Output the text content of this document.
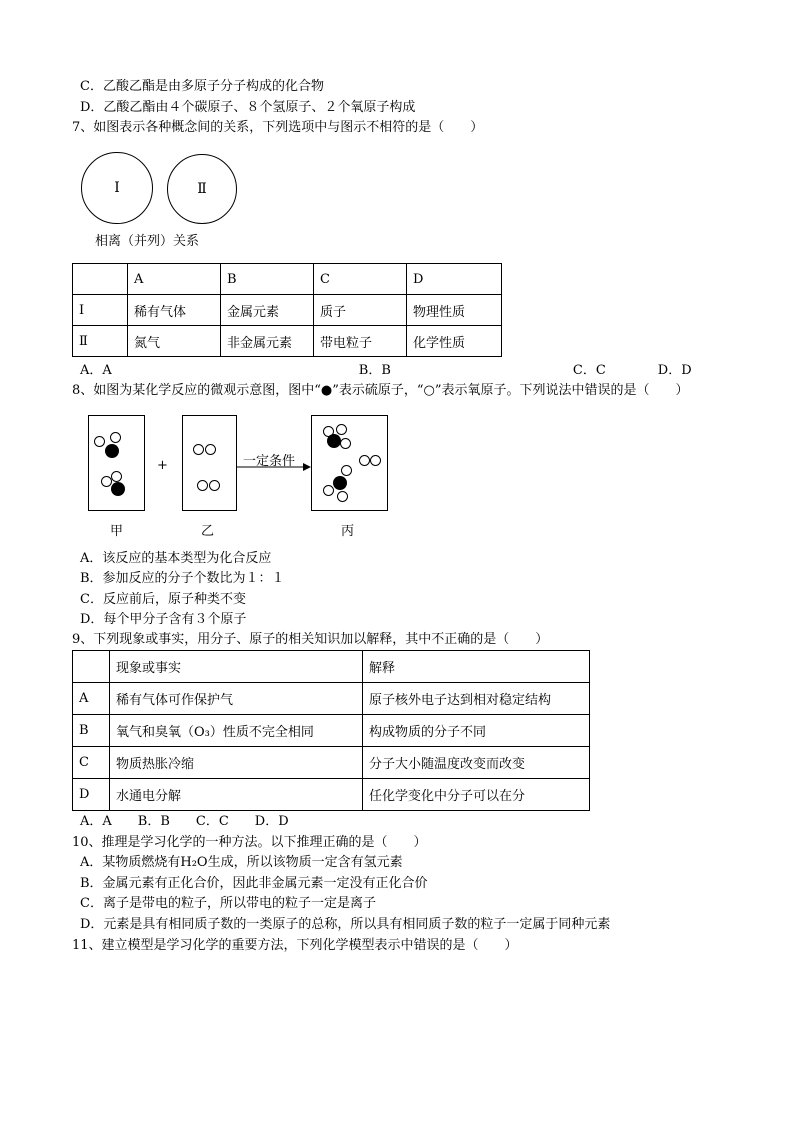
C．乙酸乙酯是由多原子分子构成的化合物
D．乙酸乙酯由４个碳原子、８个氢原子、２个氧原子构成
7、如图表示各种概念间的关系，下列选项中与图示不相符的是（　　）
Ⅰ	Ⅱ
相离（并列）关系
	A	B	C	D
Ⅰ	稀有气体	金属元素	质子	物理性质
Ⅱ	氮气	非金属元素	带电粒子	化学性质
A．A　　　　　　　　　　　　　　　　　　　B．B　　　　　　　　　　　　　　C．C　　　　D．D
8、如图为某化学反应的微观示意图，图中“●”表示硫原子，“○”表示氧原子。下列说法中错误的是（　　）
+	一定条件
甲	乙	丙
A．该反应的基本类型为化合反应
B．参加反应的分子个数比为１：１
C．反应前后，原子种类不变
D．每个甲分子含有３个原子
9、下列现象或事实，用分子、原子的相关知识加以解释，其中不正确的是（　　）
	现象或事实	解释
A	稀有气体可作保护气	原子核外电子达到相对稳定结构
B	氧气和臭氧（O₃）性质不完全相同	构成物质的分子不同
C	物质热胀冷缩	分子大小随温度改变而改变
D	水通电分解	任化学变化中分子可以在分
A．A　　B．B　　C．C　　D．D
10、推理是学习化学的一种方法。以下推理正确的是（　　）
A．某物质燃烧有H₂O生成，所以该物质一定含有氢元素
B．金属元素有正化合价，因此非金属元素一定没有正化合价
C．离子是带电的粒子，所以带电的粒子一定是离子
D．元素是具有相同质子数的一类原子的总称，所以具有相同质子数的粒子一定属于同种元素
11、建立模型是学习化学的重要方法，下列化学模型表示中错误的是（　　）
